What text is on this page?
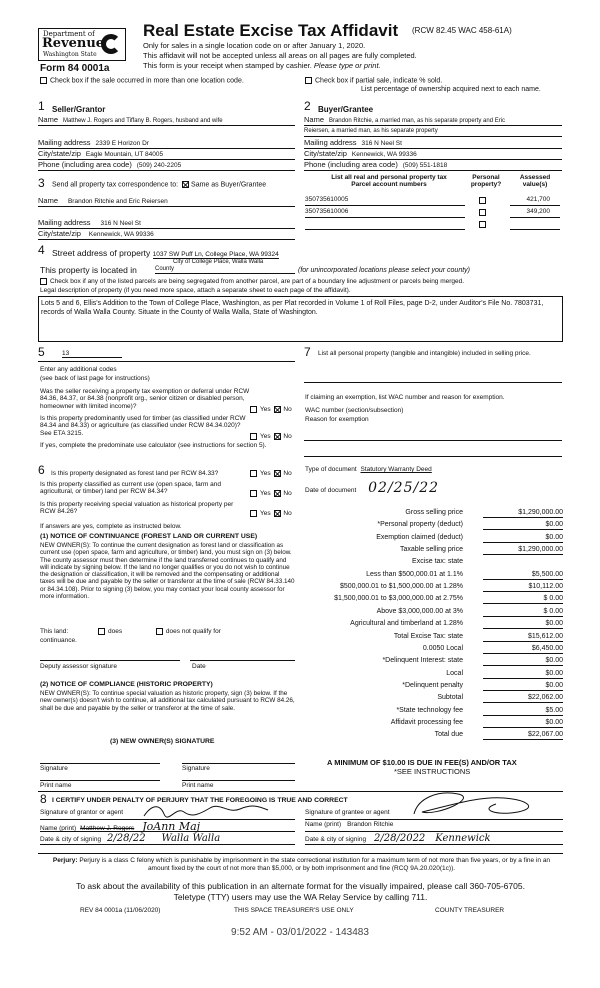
Department of
Revenue
Washington State
Form 84 0001a
Real Estate Excise Tax Affidavit (RCW 82.45 WAC 458-61A)
Only for sales in a single location code on or after January 1, 2020.
This affidavit will not be accepted unless all areas on all pages are fully completed.
This form is your receipt when stamped by cashier. Please type or print.
Check box if the sale occurred in more than one location code.	Check box if partial sale, indicate % sold.
List percentage of ownership acquired next to each name.
1 Seller/Grantor
Name Matthew J. Rogers and Tiffany B. Rogers, husband and wife
Mailing address 2339 E Horizon Dr
City/state/zip Eagle Mountain, UT 84005
Phone (including area code) (509) 240-2205
2 Buyer/Grantee
Name Brandon Ritchie, a married man, as his separate property and Eric
Reiersen, a married man, as his separate property
Mailing address 316 N Neel St
City/state/zip Kennewick, WA 99336
Phone (including area code) (509) 551-1818
3 Send all property tax correspondence to: Same as Buyer/Grantee
Name Brandon Ritchie and Eric Reiersen
Mailing address 316 N Neel St
City/state/zip Kennewick, WA 99336
List all real and personal property tax
Parcel account numbers
Personal
property?
Assessed
value(s)
350735610005	421,700
350735610006	349,200
4 Street address of property 1037 SW Puff Ln, College Place, WA 99324
This property is located in
City of College Place, Walla Walla
County	(for unincorporated locations please select your county)
Check box if any of the listed parcels are being segregated from another parcel, are part of a boundary line adjustment or parcels being merged.
Legal description of property (if you need more space, attach a separate sheet to each page of the affidavit).
Lots 5 and 6, Ellis's Addition to the Town of College Place, Washington, as per Plat recorded in Volume 1 of Roll Files, page D-2, under Auditor's File No. 7803731, records of Walla Walla County. Situate in the County of Walla Walla, State of Washington.
5	13
Enter any additional codes
(see back of last page for instructions)
Was the seller receiving a property tax exemption or deferral under RCW 84.36, 84.37, or 84.38 (nonprofit org., senior citizen or disabled person, homeowner with limited income)?	Yes No
Is this property predominantly used for timber (as classified under RCW 84.34 and 84.33) or agriculture (as classified under RCW 84.34.020)? See ETA 3215.	Yes No
If yes, complete the predominate use calculator (see instructions for section 5).
6 Is this property designated as forest land per RCW 84.33?	Yes No
Is this property classified as current use (open space, farm and agricultural, or timber) land per RCW 84.34?	Yes No
Is this property receiving special valuation as historical property per RCW 84.26?	Yes No
If answers are yes, complete as instructed below.
(1) NOTICE OF CONTINUANCE (FOREST LAND OR CURRENT USE)
NEW OWNER(S): To continue the current designation as forest land or classification as current use (open space, farm and agriculture, or timber) land, you must sign on (3) below. The county assessor must then determine if the land transferred continues to qualify and will indicate by signing below. If the land no longer qualifies or you do not wish to continue the designation or classification, it will be removed and the compensating or additional taxes will be due and payable by the seller or transferor at the time of sale (RCW 84.33.140 or 84.34.108). Prior to signing (3) below, you may contact your local county assessor for more information.
This land:	does	does not qualify for
continuance.
Deputy assessor signature	Date
(2) NOTICE OF COMPLIANCE (HISTORIC PROPERTY)
NEW OWNER(S): To continue special valuation as historic property, sign (3) below. If the new owner(s) doesn't wish to continue, all additional tax calculated pursuant to RCW 84.26, shall be due and payable by the seller or transferor at the time of sale.
(3) NEW OWNER(S) SIGNATURE
Signature	Signature
Print name	Print name
7 List all personal property (tangible and intangible) included in selling price.
If claiming an exemption, list WAC number and reason for exemption.
WAC number (section/subsection)
Reason for exemption
Type of document Statutory Warranty Deed
Date of document 02/25/22
Gross selling price	$1,290,000.00
*Personal property (deduct)	$0.00
Exemption claimed (deduct)	$0.00
Taxable selling price	$1,290,000.00
Excise tax: state
Less than $500,000.01 at 1.1%	$5,500.00
$500,000.01 to $1,500,000.00 at 1.28%	$10,112.00
$1,500,000.01 to $3,000,000.00 at 2.75%	$ 0.00
Above $3,000,000.00 at 3%	$ 0.00
Agricultural and timberland at 1.28%	$0.00
Total Excise Tax: state	$15,612.00
0.0050 Local	$6,450.00
*Delinquent Interest: state	$0.00
Local	$0.00
*Delinquent penalty	$0.00
Subtotal	$22,062.00
*State technology fee	$5.00
Affidavit processing fee	$0.00
Total due	$22,067.00
A MINIMUM OF $10.00 IS DUE IN FEE(S) AND/OR TAX
*SEE INSTRUCTIONS
8 I CERTIFY UNDER PENALTY OF PERJURY THAT THE FOREGOING IS TRUE AND CORRECT
Signature of grantor or agent
Name (print) Matthew J. Rogers JoAnn Maj
Date & city of signing 2/28/22 Walla Walla
Signature of grantee or agent
Name (print) Brandon Ritchie
Date & city of signing 2/28/2022 Kennewick
Perjury: Perjury is a class C felony which is punishable by imprisonment in the state correctional institution for a maximum term of not more than five years, or by a fine in an amount fixed by the court of not more than $5,000, or by both imprisonment and fine (RCQ 9A.20.020(1c)).
To ask about the availability of this publication in an alternate format for the visually impaired, please call 360-705-6705.
Teletype (TTY) users may use the WA Relay Service by calling 711.
REV 84 0001a (11/06/2020)	THIS SPACE TREASURER'S USE ONLY	COUNTY TREASURER
9:52 AM - 03/01/2022 - 143483
